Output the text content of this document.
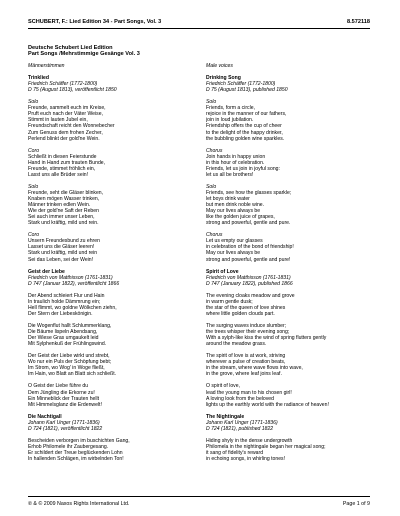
SCHUBERT, F.: Lied Edition 34 - Part Songs, Vol. 3	8.572118
Deutsche Schubert Lied Edition
Part Songs /Mehrstimmige Gesänge Vol. 3
Männerstimmen
Trinklied
Friedrich Schäffer (1772-1800)
D 75 (August 1813), veröffentlicht 1850
Solo
Freunde, sammelt euch im Kreise,
Pruft euch nach der Väter Weise,
Stimmt in lauten Jubel ein,
Freundschaft reicht den Wonnebecher
Zum Genuss dem frohen Zecher,
Perlend blinkt der gold'ne Wein.
Coro
Schließt in diesen Feierstunde
Hand in Hand zum trauten Bunde,
Freunde, stimmet fröhlich ein,
Lasst uns alle Brüder sein!
Solo
Freunde, seht die Gläser blinken,
Knaben mögen Wasser trinken,
Männer trinken edlen Wein.
Wie der gold'ne Saft der Reben
Sei auch immer unser Leben,
Stark und kräftig, mild und rein.
Coro
Unsern Freundesbund zu ehren
Lasset uns die Gläser leeren!
Stark und kräftig, mild und rein
Sei das Leben, sei der Wein!
Geist der Liebe
Friedrich von Matthisson (1761-1831)
D 747 (Januar 1822), veröffentlicht 1866
Der Abend schleiert Flur und Hain
In traulich holde Dämmrung ein;
Hell flimmt, wo goldne Wölkchen ziehn,
Der Stern der Liebeskönigin.
Die Wogenflut hallt Schlummerklang,
Die Bäume lispeln Abendsang,
Der Wiese Gras umgaukelt leid
Mit Sylphenkuß der Frühlingswind.
Der Geist der Liebe wirkt und strebt,
Wo nur ein Puls der Schöpfung bebt;
Im Strom, wo Wog' in Woge fließt,
Im Hain, wo Blatt an Blatt sich schließt.
O Geist der Liebe führe du
Dem Jüngling die Erkorne zu!
Ein Minneblick der Trauten hellt
Mit Himmelsglanz die Erdenwelt!
Die Nachtigall
Johann Karl Unger (1771-1836)
D 724 (1821), veröffentlicht 1822
Bescheiden verborgen im buschichten Gang,
Erhob Philomele ihr Zaubergesang.
Er schildert der Treue beglückenden Lohn
In hallenden Schlägen, im wirbelnden Ton!
Male voices
Drinking Song
Friedrich Schäffer (1772-1800)
D 75 (August 1813), published 1850
Solo
Friends, form a circle,
rejoice in the manner of our fathers,
join in loud jubilation.
Friendship offers the cup of cheer
to the delight of the happy drinker,
the bubbling golden wine sparkles.
Chorus
Join hands in happy union
in this hour of celebration.
Friends, let us join in joyful song:
let us all be brothers!
Solo
Friends, see how the glasses sparkle;
let boys drink water
but men drink noble wine.
May our lives always be
like the golden juice of grapes,
strong and powerful, gentle and pure.
Chorus
Let us empty our glasses
in celebration of the bond of friendship!
May our lives always be
strong and powerful, gentle and pure!
Spirit of Love
Friedrich von Matthisson (1761-1831)
D 747 (January 1822), published 1866
The evening cloaks meadow and grove
in warm gentle dusk;
the star of the queen of love shines
where little golden clouds part.
The surging waves induce slumber;
the trees whisper their evening song;
With a sylph-like kiss the wind of spring flutters gently
around the meadow grass.
The spirit of love is at work, striving
wherever a pulse of creation beats,
in the stream, where wave flows into wave,
in the grove, where leaf joins leaf.
O spirit of love,
lead the young man to his chosen girl!
A loving look from the beloved
lights up the earthly world with the radiance of heaven!
The Nightingale
Johann Karl Unger (1771-1836)
D 724 (1821), published 1822
Hiding shyly in the dense undergrowth
Philomela in the nightingale began her magical song;
it sang of fidelity's reward
in echoing songs, in whirling tones!
℗ & © 2009 Naxos Rights International Ltd.	Page 1 of 9
